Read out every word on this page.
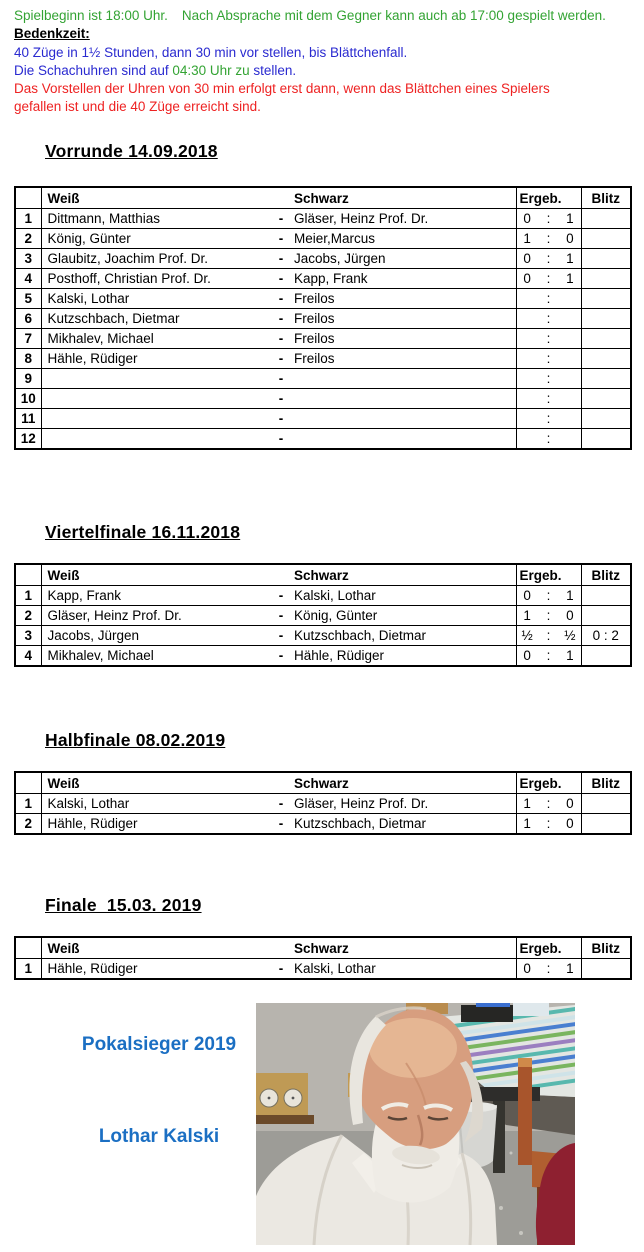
Spielbeginn ist 18:00 Uhr. Nach Absprache mit dem Gegner kann auch ab 17:00 gespielt werden.
Bedenkzeit:
40 Züge in 1½ Stunden, dann 30 min vor stellen, bis Blättchenfall.
Die Schachuhren sind auf 04:30 Uhr zu stellen.
Das Vorstellen der Uhren von 30 min erfolgt erst dann, wenn das Blättchen eines Spielers
gefallen ist und die 40 Züge erreicht sind.
Vorrunde 14.09.2018
	Weiß		Schwarz	Ergeb.	Blitz
1	Dittmann, Matthias	-	Gläser, Heinz Prof. Dr.	0 : 1	

2	König, Günter	-	Meier,Marcus	1 : 0	

3	Glaubitz, Joachim Prof. Dr.	-	Jacobs, Jürgen	0 : 1	

4	Posthoff, Christian Prof. Dr.	-	Kapp, Frank	0 : 1	

5	Kalski, Lothar	-	Freilos	:	

6	Kutzschbach, Dietmar	-	Freilos	:	

7	Mikhalev, Michael	-	Freilos	:	

8	Hähle, Rüdiger	-	Freilos	:	

9		-		:	

10		-		:	

11		-		:	

12		-		:	

Viertelfinale 16.11.2018
	Weiß		Schwarz	Ergeb.	Blitz
1	Kapp, Frank	-	Kalski, Lothar	0 : 1	

2	Gläser, Heinz Prof. Dr.	-	König, Günter	1 : 0	

3	Jacobs, Jürgen	-	Kutzschbach, Dietmar	½ : ½	0 : 2
4	Mikhalev, Michael	-	Hähle, Rüdiger	0 : 1	

Halbfinale 08.02.2019
	Weiß		Schwarz	Ergeb.	Blitz
1	Kalski, Lothar	-	Gläser, Heinz Prof. Dr.	1 : 0	

2	Hähle, Rüdiger	-	Kutzschbach, Dietmar	1 : 0	

Finale  15.03. 2019
	Weiß		Schwarz	Ergeb.	Blitz
1	Hähle, Rüdiger	-	Kalski, Lothar	0 : 1	

Pokalsieger 2019
Lothar Kalski
